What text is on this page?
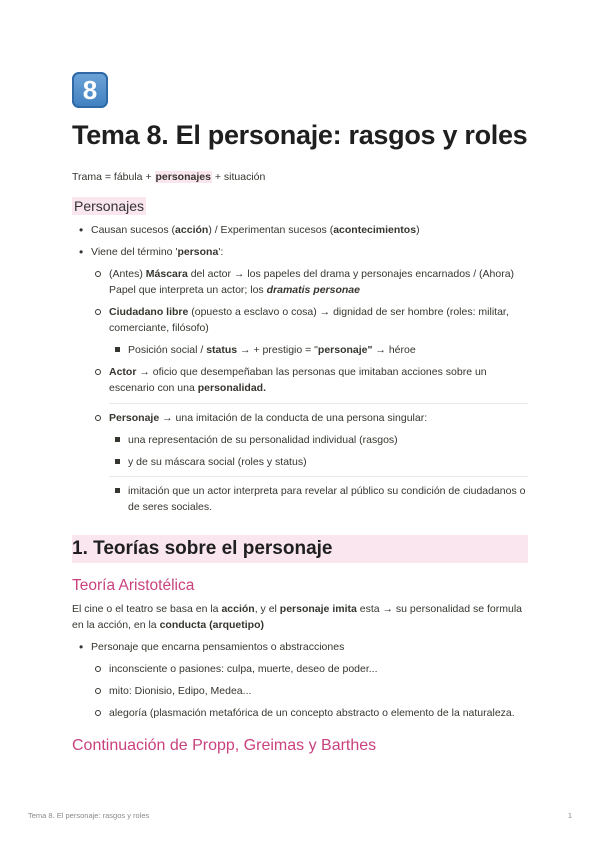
8
Tema 8. El personaje: rasgos y roles
Trama = fábula + personajes + situación
Personajes
• Causan sucesos (acción) / Experimentan sucesos (acontecimientos)
• Viene del término 'persona':
(Antes) Máscara del actor → los papeles del drama y personajes encarnados / (Ahora) Papel que interpreta un actor; los dramatis personae
Ciudadano libre (opuesto a esclavo o cosa) → dignidad de ser hombre (roles: militar, comerciante, filósofo)
Posición social / status → + prestigio = "personaje" → héroe
Actor → oficio que desempeñaban las personas que imitaban acciones sobre un escenario con una personalidad.
Personaje → una imitación de la conducta de una persona singular:
una representación de su personalidad individual (rasgos)
y de su máscara social (roles y status)
imitación que un actor interpreta para revelar al público su condición de ciudadanos o de seres sociales.
1. Teorías sobre el personaje
Teoría Aristotélica
El cine o el teatro se basa en la acción, y el personaje imita esta → su personalidad se formula en la acción, en la conducta (arquetipo)
• Personaje que encarna pensamientos o abstracciones
inconsciente o pasiones: culpa, muerte, deseo de poder...
mito: Dionisio, Edipo, Medea...
alegoría (plasmación metafórica de un concepto abstracto o elemento de la naturaleza.
Continuación de Propp, Greimas y Barthes
Tema 8. El personaje: rasgos y roles	1
